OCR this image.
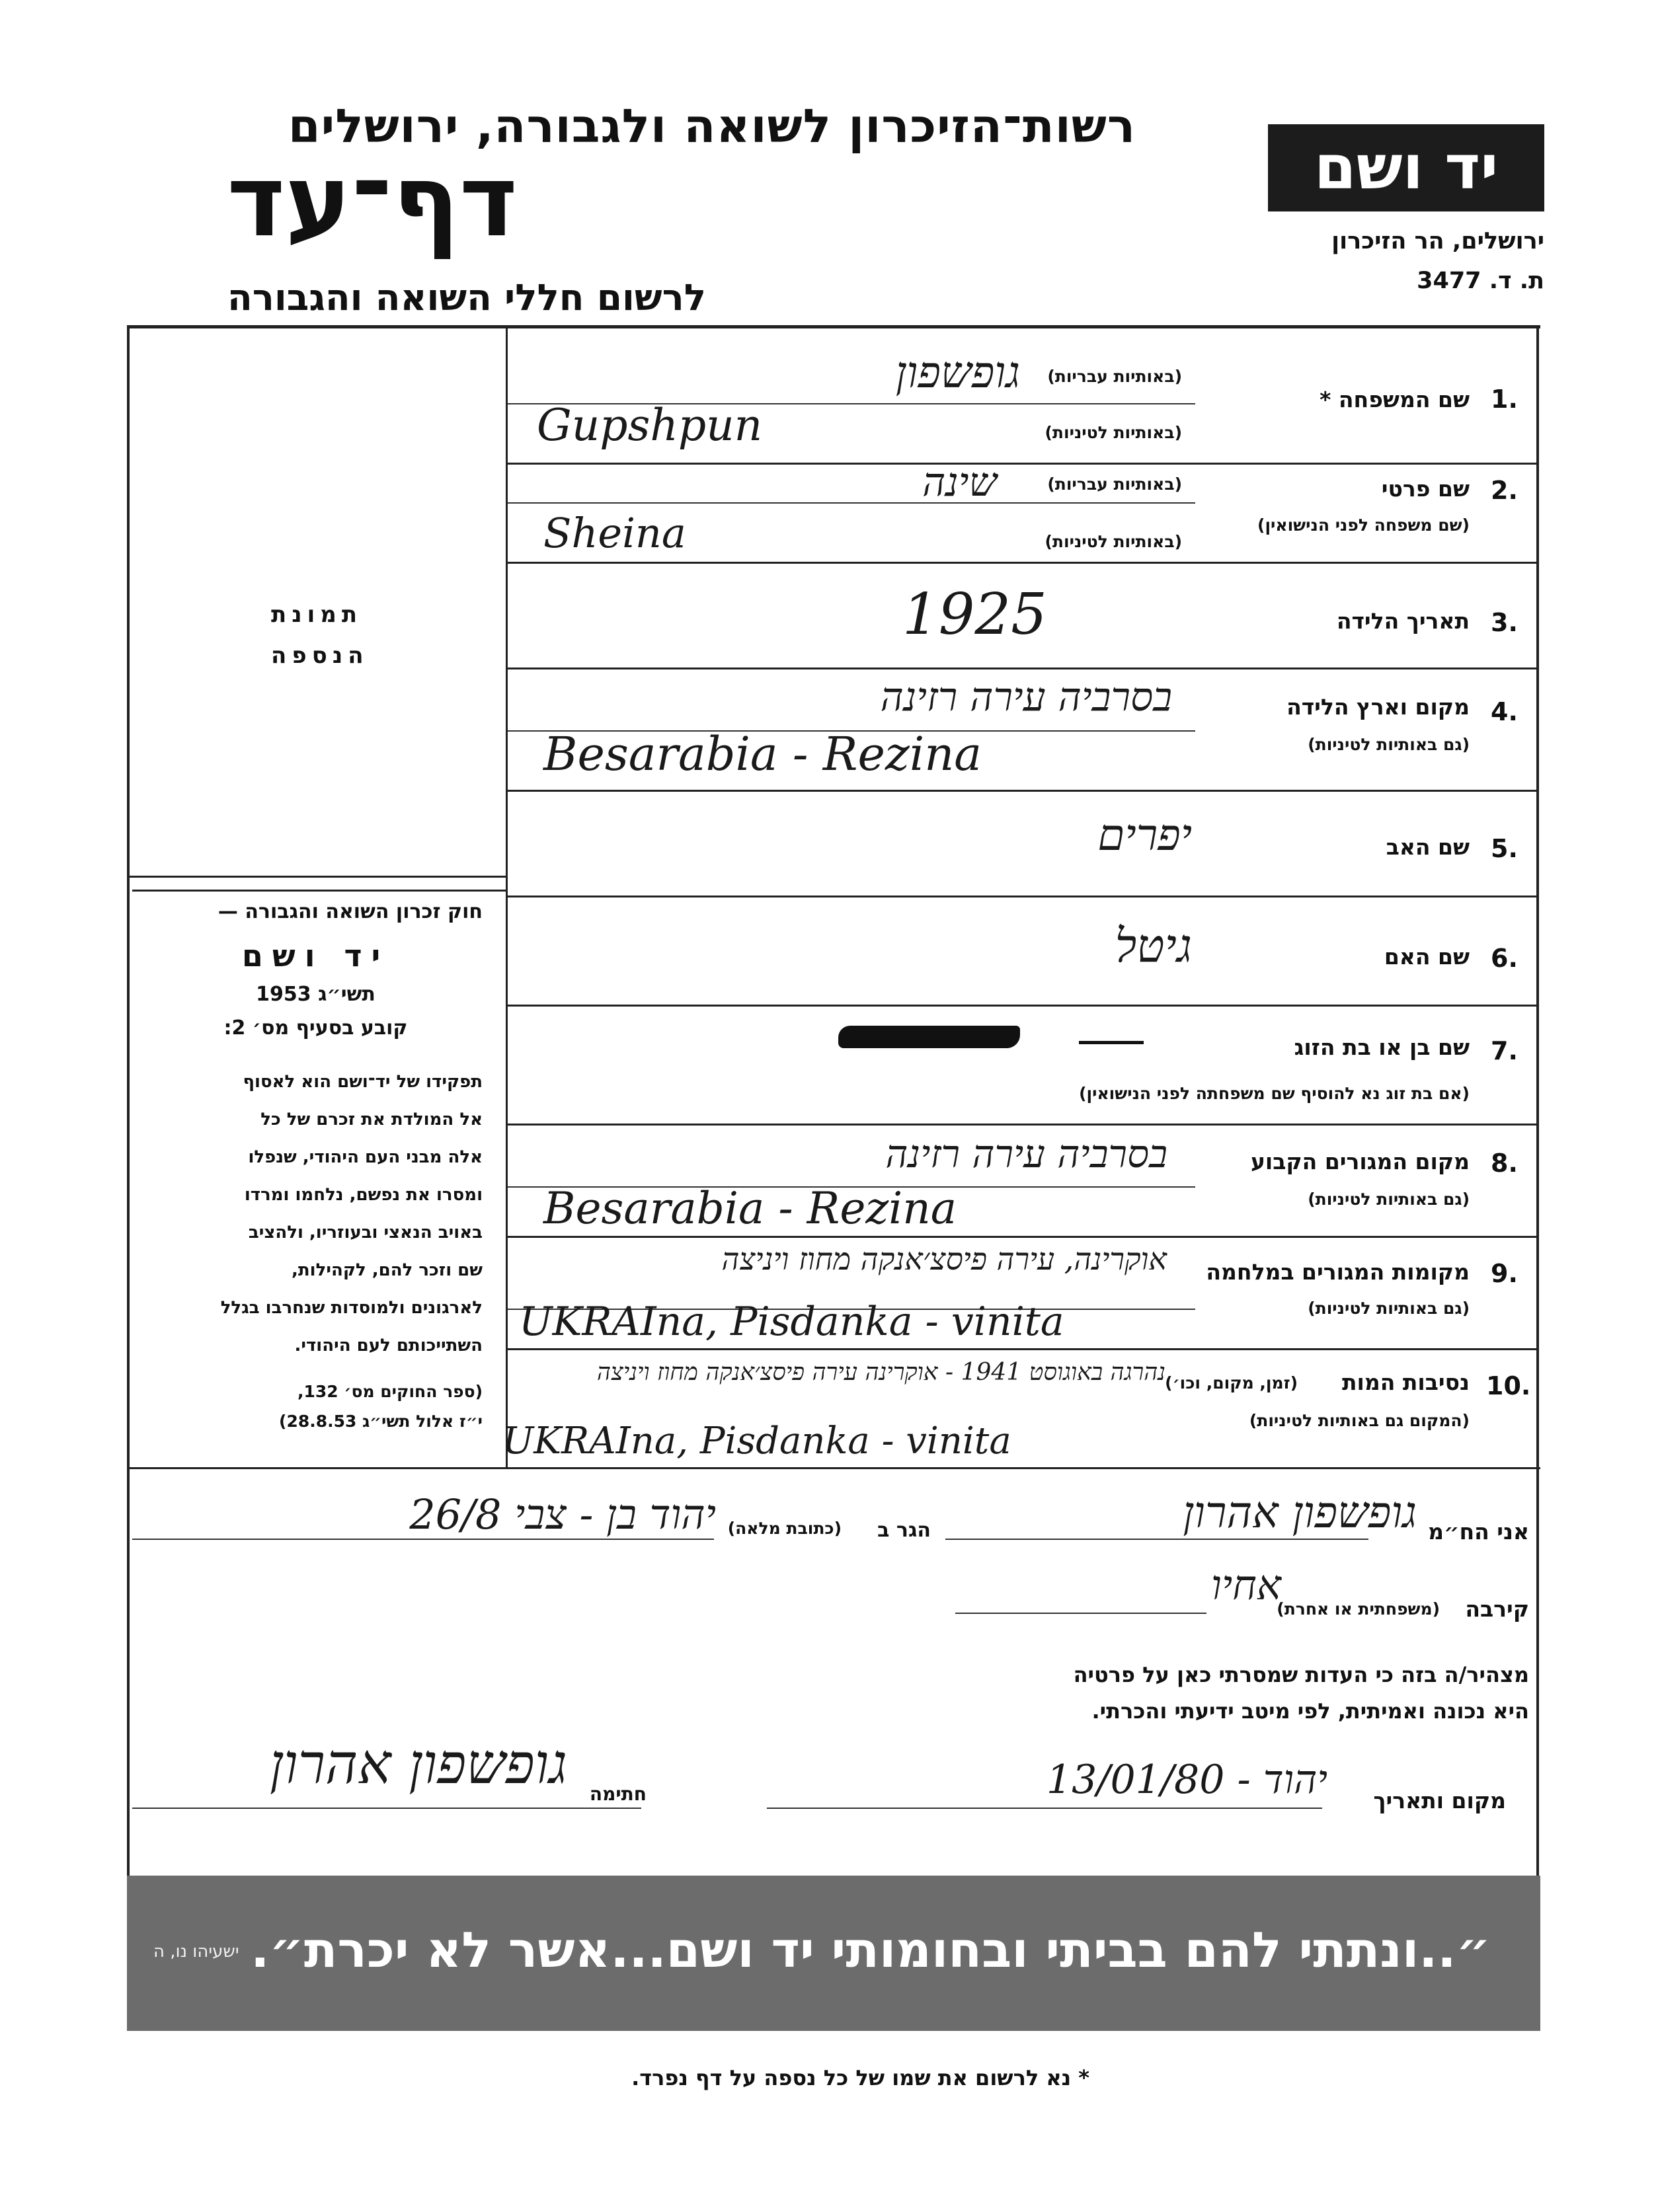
רשות־הזיכרון לשואה ולגבורה, ירושלים
דף־עד
לרשום חללי השואה והגבורה
יד ושם
ירושלים, הר הזיכרון
ת. ד. 3477
תמונת
הנספה
חוק זכרון השואה והגבורה —
יד ושם
תשי״ג 1953
קובע בסעיף מס׳ 2:
תפקידו של יד־ושם הוא לאסוף
אל המולדת את זכרם של כל
אלה מבני העם היהודי, שנפלו
ומסרו את נפשם, נלחמו ומרדו
באויב הנאצי ובעוזריו, ולהציב
שם וזכר להם, לקהילות,
לארגונים ולמוסדות שנחרבו בגלל
השתייכותם לעם היהודי.
(ספר החוקים מס׳ 132,
י״ז אלול תשי״ג 28.8.53)
1.
שם המשפחה *
(באותיות עבריות)
(באותיות לטיניות)
גופשפון
Gupshpun
2.
שם פרטי
(שם משפחה לפני הנישואין)
(באותיות עבריות)
(באותיות לטיניות)
שינה
Sheina
3.
תאריך הלידה
1925
4.
מקום וארץ הלידה
(גם באותיות לטיניות)
בסרביה עירה רזינה
Besarabia - Rezina
5.
שם האב
יפרים
6.
שם האם
גיטל
7.
שם בן או בת הזוג
(אם בת זוג נא להוסיף שם משפחתה לפני הנישואין)
8.
מקום המגורים הקבוע
(גם באותיות לטיניות)
בסרביה עירה רזינה
Besarabia - Rezina
9.
מקומות המגורים במלחמה
(גם באותיות לטיניות)
אוקרינה, עירה פיסצ׳אנקה מחוז ויניצה
UKRAIna, Pisdanka - vinita
10.
נסיבות המות
(זמן, מקום, וכו׳)
(המקום גם באותיות לטיניות)
נהרגה באוגוסט 1941 - אוקרינה עירה פיסצ׳אנקה מחוז ויניצה
UKRAIna, Pisdanka - vinita
אני הח״מ
גופשפון אהרון
הגר ב
(כתובת מלאה)
יהוד בן - צבי 26/8
קירבה
(משפחתית או אחרת)
אחיו
מצהיר/ה בזה כי העדות שמסרתי כאן על פרטיה
היא נכונה ואמיתית, לפי מיטב ידיעתי והכרתי.
מקום ותאריך
יהוד - 13/01/80
חתימה
גופשפון אהרון
״..ונתתי להם בביתי ובחומותי יד ושם...אשר לא יכרת״.
ישעיהו נו, ה
* נא לרשום את שמו של כל נספה על דף נפרד.
